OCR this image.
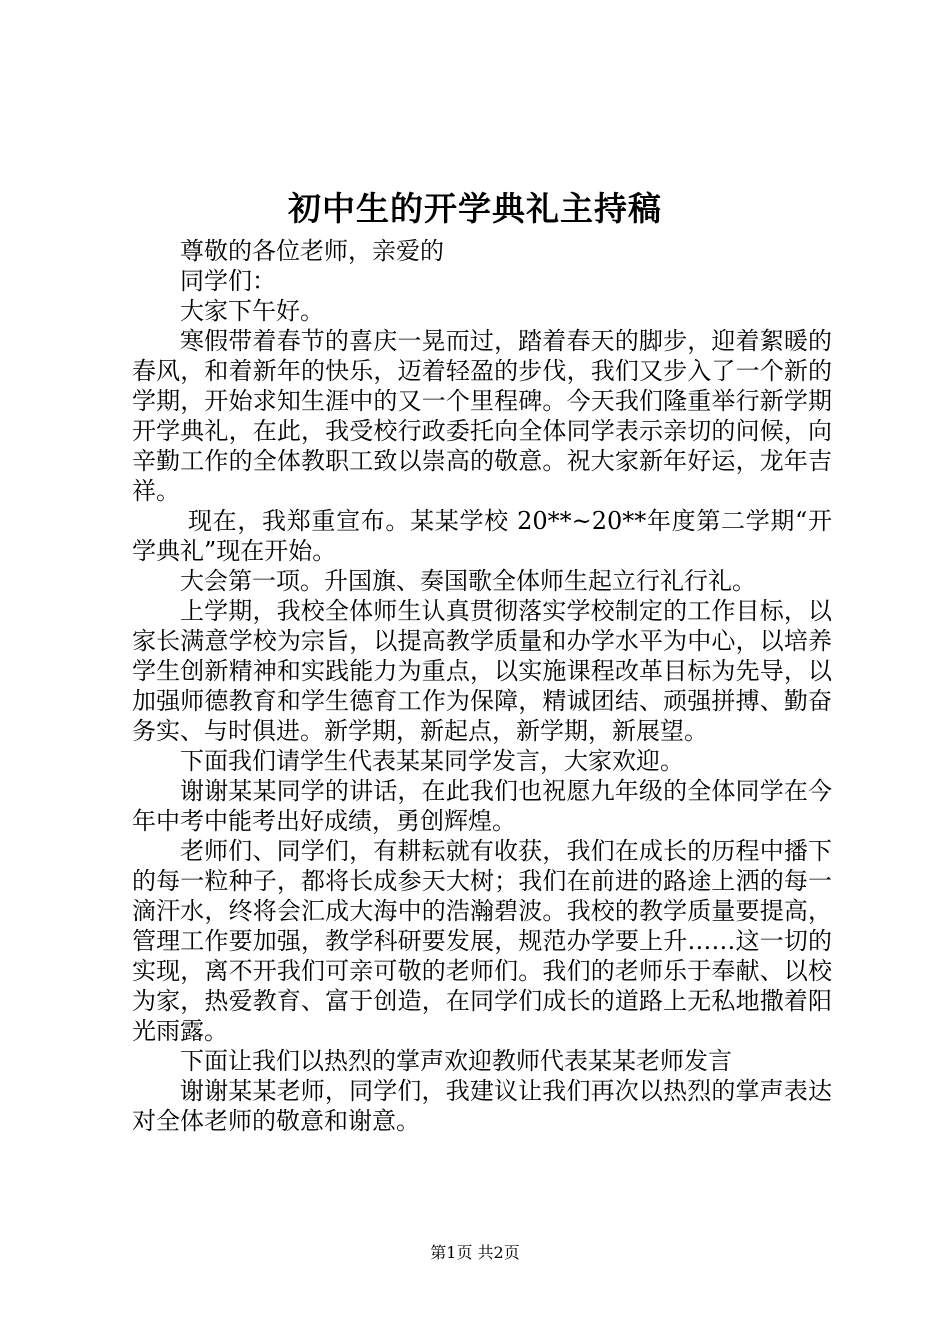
初中生的开学典礼主持稿

尊敬的各位老师，亲爱的

同学们：

大家下午好。

寒假带着春节的喜庆一晃而过，踏着春天的脚步，迎着絮暖的春风，和着新年的快乐，迈着轻盈的步伐，我们又步入了一个新的学期，开始求知生涯中的又一个里程碑。今天我们隆重举行新学期开学典礼，在此，我受校行政委托向全体同学表示亲切的问候，向辛勤工作的全体教职工致以崇高的敬意。祝大家新年好运，龙年吉祥。

现在，我郑重宣布。某某学校 20**~20**年度第二学期“开学典礼”现在开始。

大会第一项。升国旗、奏国歌全体师生起立行礼行礼。

上学期，我校全体师生认真贯彻落实学校制定的工作目标，以家长满意学校为宗旨，以提高教学质量和办学水平为中心，以培养学生创新精神和实践能力为重点，以实施课程改革目标为先导，以加强师德教育和学生德育工作为保障，精诚团结、顽强拼搏、勤奋务实、与时俱进。新学期，新起点，新学期，新展望。

下面我们请学生代表某某同学发言，大家欢迎。

谢谢某某同学的讲话，在此我们也祝愿九年级的全体同学在今年中考中能考出好成绩，勇创辉煌。

老师们、同学们，有耕耘就有收获，我们在成长的历程中播下的每一粒种子，都将长成参天大树；我们在前进的路途上洒的每一滴汗水，终将会汇成大海中的浩瀚碧波。我校的教学质量要提高，管理工作要加强，教学科研要发展，规范办学要上升……这一切的实现，离不开我们可亲可敬的老师们。我们的老师乐于奉献、以校为家，热爱教育、富于创造，在同学们成长的道路上无私地撒着阳光雨露。

下面让我们以热烈的掌声欢迎教师代表某某老师发言

谢谢某某老师，同学们，我建议让我们再次以热烈的掌声表达对全体老师的敬意和谢意。

第1页 共2页
